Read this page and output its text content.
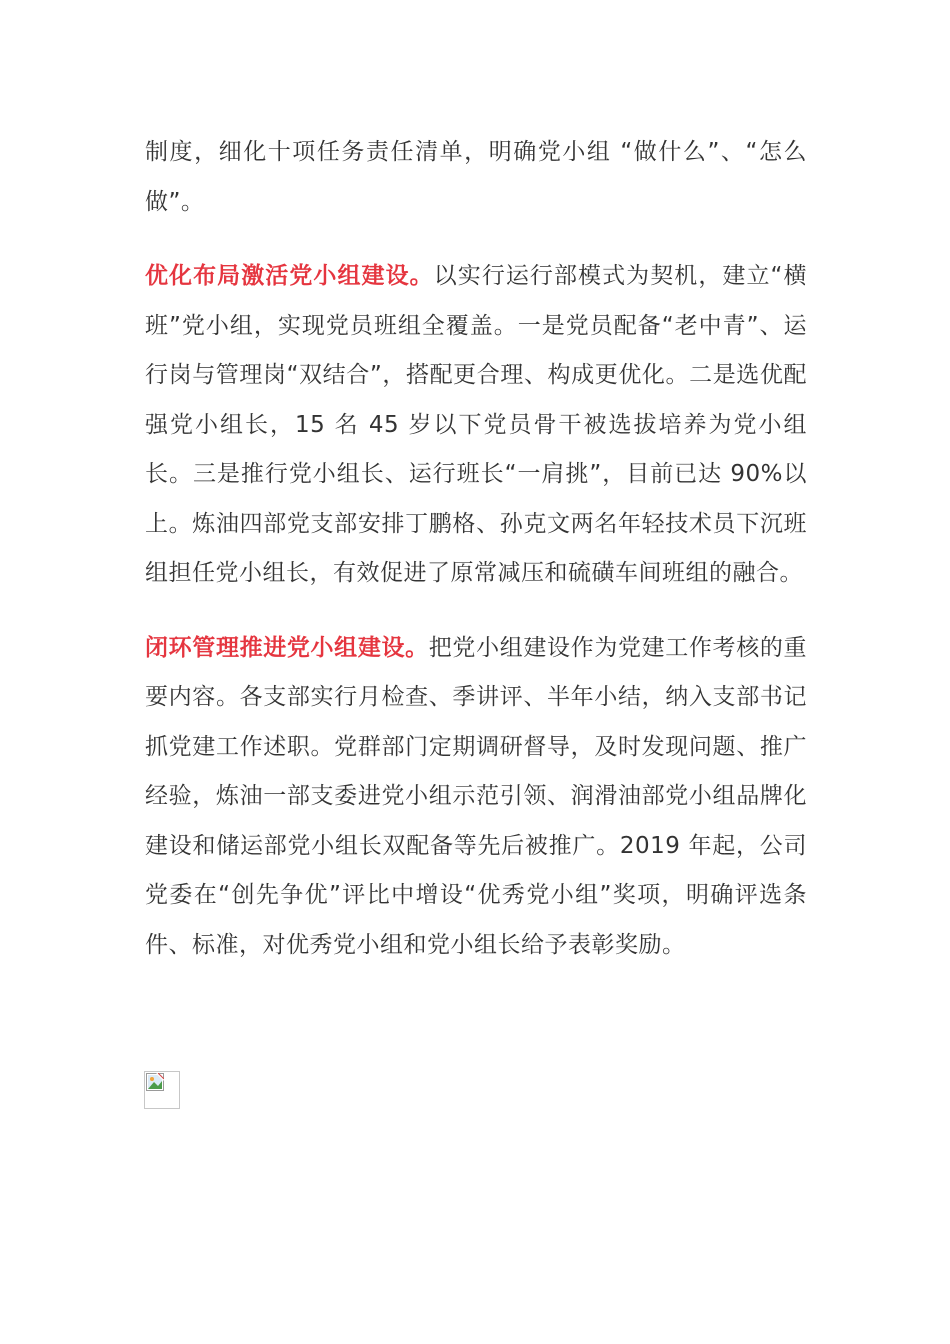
制度，细化十项任务责任清单，明确党小组 “做什么”、“怎么做”。

优化布局激活党小组建设。以实行运行部模式为契机，建立“横班”党小组，实现党员班组全覆盖。一是党员配备“老中青”、运行岗与管理岗“双结合”，搭配更合理、构成更优化。二是选优配强党小组长，15 名 45 岁以下党员骨干被选拔培养为党小组长。三是推行党小组长、运行班长“一肩挑”，目前已达 90%以上。炼油四部党支部安排丁鹏格、孙克文两名年轻技术员下沉班组担任党小组长，有效促进了原常减压和硫磺车间班组的融合。

闭环管理推进党小组建设。把党小组建设作为党建工作考核的重要内容。各支部实行月检查、季讲评、半年小结，纳入支部书记抓党建工作述职。党群部门定期调研督导，及时发现问题、推广经验，炼油一部支委进党小组示范引领、润滑油部党小组品牌化建设和储运部党小组长双配备等先后被推广。2019 年起，公司党委在“创先争优”评比中增设“优秀党小组”奖项，明确评选条件、标准，对优秀党小组和党小组长给予表彰奖励。
